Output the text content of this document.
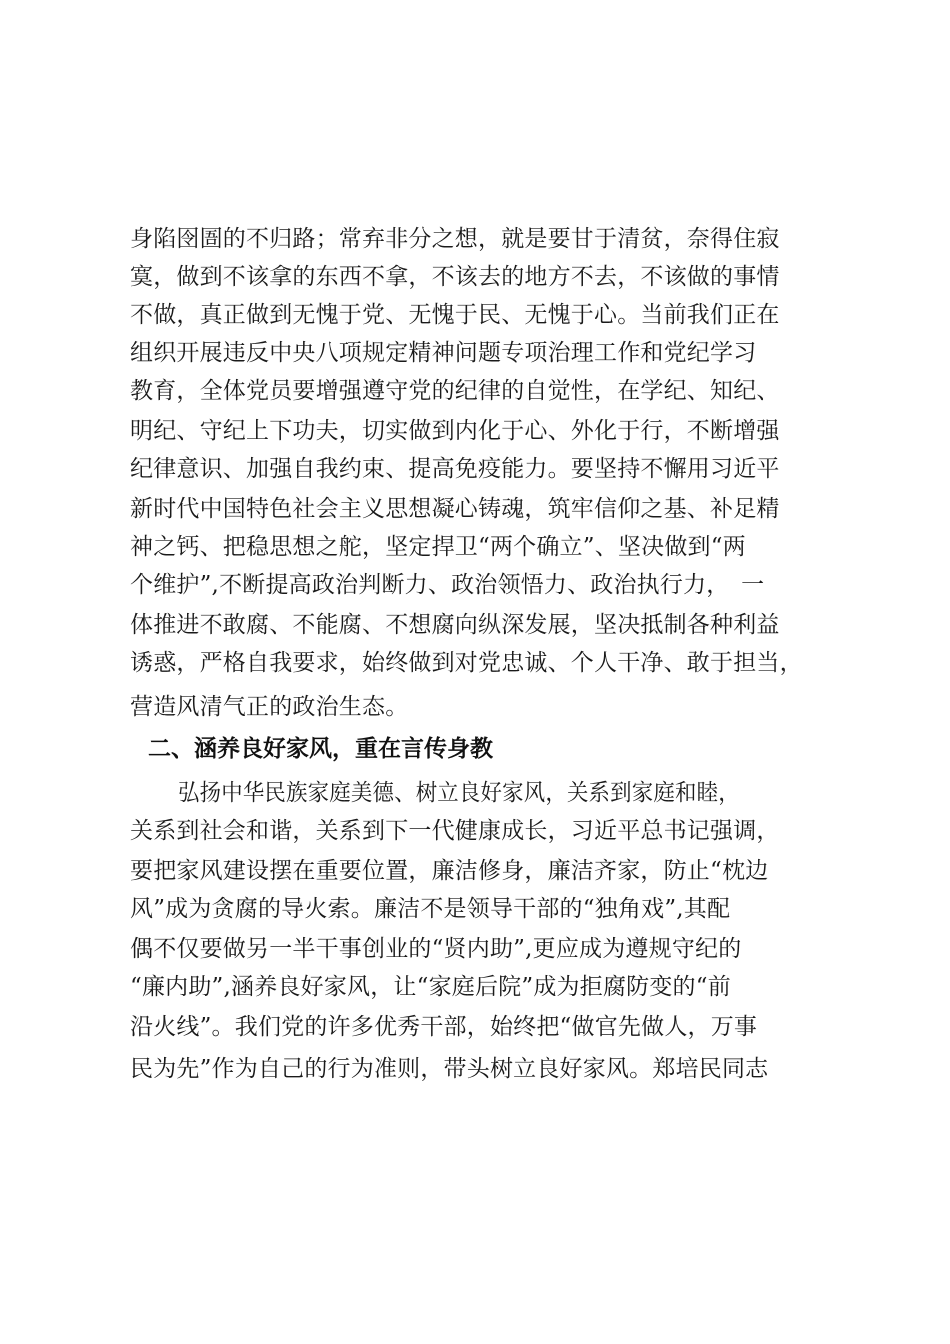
身陷囹圄的不归路；常弃非分之想，就是要甘于清贫，奈得住寂
寞，做到不该拿的东西不拿，不该去的地方不去，不该做的事情
不做，真正做到无愧于党、无愧于民、无愧于心。当前我们正在
组织开展违反中央八项规定精神问题专项治理工作和党纪学习
教育，全体党员要增强遵守党的纪律的自觉性，在学纪、知纪、
明纪、守纪上下功夫，切实做到内化于心、外化于行，不断增强
纪律意识、加强自我约束、提高免疫能力。要坚持不懈用习近平
新时代中国特色社会主义思想凝心铸魂，筑牢信仰之基、补足精
神之钙、把稳思想之舵，坚定捍卫“两个确立”、坚决做到“两
个维护”,不断提高政治判断力、政治领悟力、政治执行力，　一
体推进不敢腐、不能腐、不想腐向纵深发展，坚决抵制各种利益
诱惑，严格自我要求，始终做到对党忠诚、个人干净、敢于担当，
营造风清气正的政治生态。
二、涵养良好家风，重在言传身教
弘扬中华民族家庭美德、树立良好家风，关系到家庭和睦，
关系到社会和谐，关系到下一代健康成长，习近平总书记强调，
要把家风建设摆在重要位置，廉洁修身，廉洁齐家，防止“枕边
风”成为贪腐的导火索。廉洁不是领导干部的“独角戏”,其配
偶不仅要做另一半干事创业的“贤内助”,更应成为遵规守纪的
“廉内助”,涵养良好家风，让“家庭后院”成为拒腐防变的“前
沿火线”。我们党的许多优秀干部，始终把“做官先做人，万事
民为先”作为自己的行为准则，带头树立良好家风。郑培民同志
